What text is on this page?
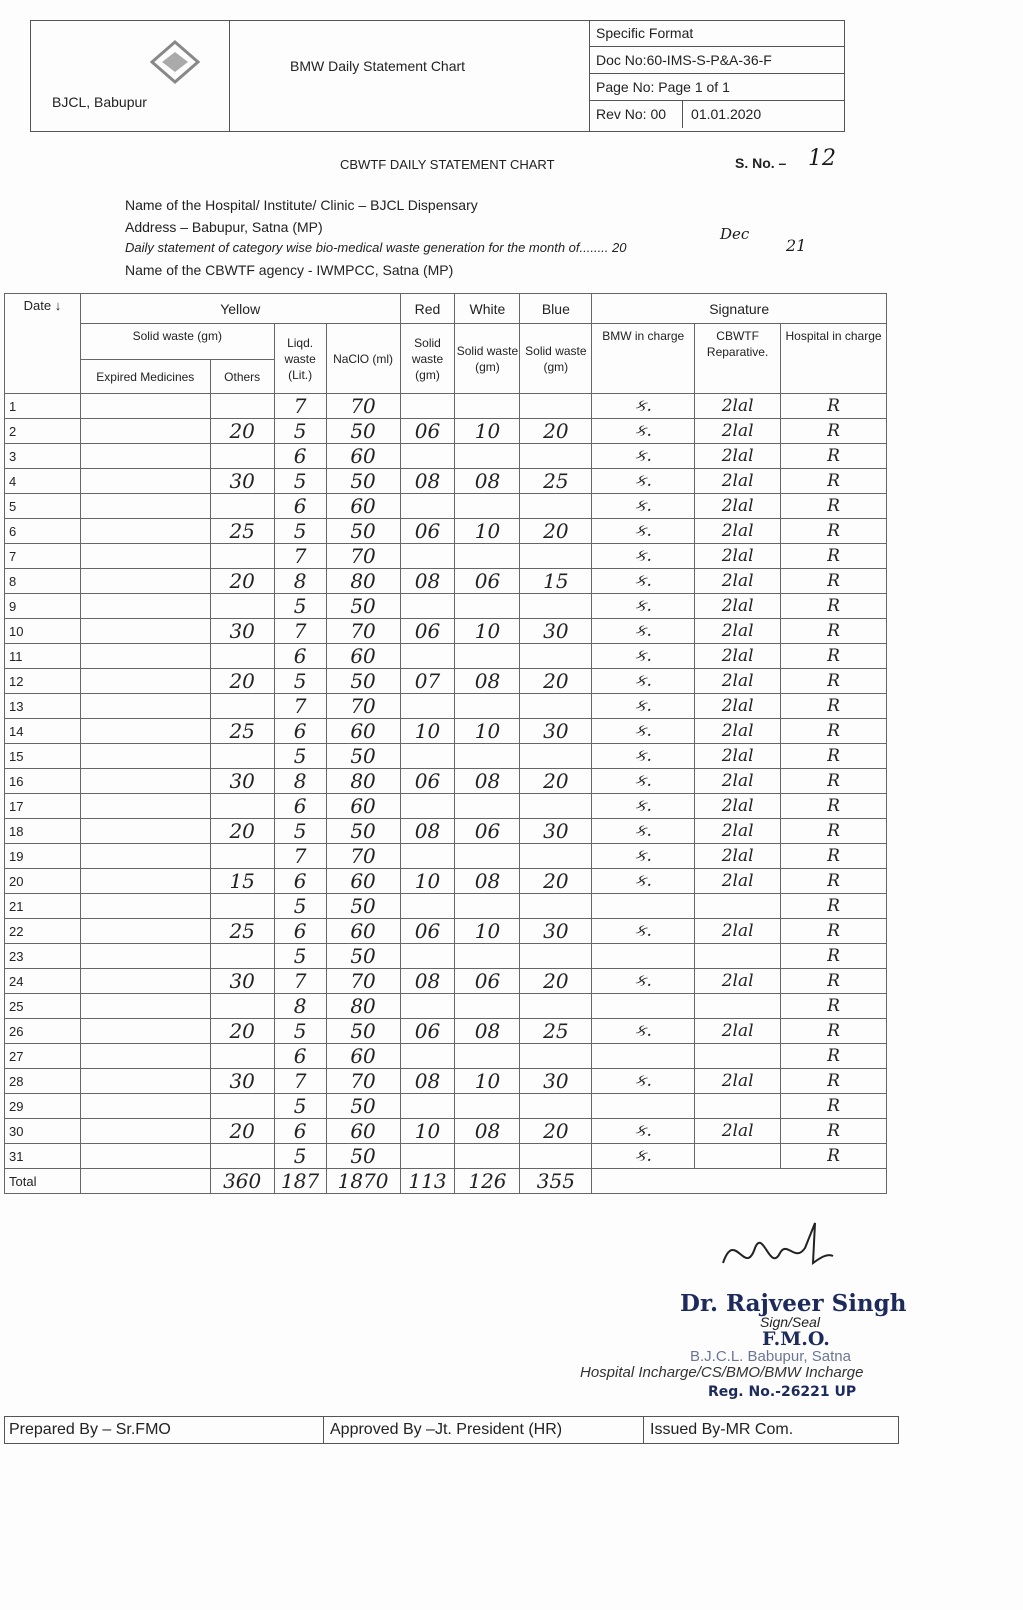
BJCL, Babupur
BMW Daily Statement Chart
Specific Format
Doc No:60-IMS-S-P&A-36-F
Page No: Page 1 of 1
Rev No: 00 01.01.2020
CBWTF DAILY STATEMENT CHART	S. No. – 12
Name of the Hospital/ Institute/ Clinic – BJCL Dispensary
Address – Babupur, Satna (MP)
Daily statement of category wise bio-medical waste generation for the month of........ 20
Dec
21
Name of the CBWTF agency - IWMPCC, Satna (MP)
Date ↓	Yellow				Red	White	Blue	Signature		
	Solid waste (gm)		Liqd. waste (Lit.)	NaClO (ml)	Solid waste (gm)	Solid waste (gm)	Solid waste (gm)	BMW in charge	CBWTF Reparative.	Hospital in charge
	Expired Medicines	Others								
1			7	70				ક.	2lal	R
2		20	5	50	06	10	20	ક.	2lal	R
3			6	60				ક.	2lal	R
4		30	5	50	08	08	25	ક.	2lal	R
5			6	60				ક.	2lal	R
6		25	5	50	06	10	20	ક.	2lal	R
7			7	70				ક.	2lal	R
8		20	8	80	08	06	15	ક.	2lal	R
9			5	50				ક.	2lal	R
10		30	7	70	06	10	30	ક.	2lal	R
11			6	60				ક.	2lal	R
12		20	5	50	07	08	20	ક.	2lal	R
13			7	70				ક.	2lal	R
14		25	6	60	10	10	30	ક.	2lal	R
15			5	50				ક.	2lal	R
16		30	8	80	06	08	20	ક.	2lal	R
17			6	60				ક.	2lal	R
18		20	5	50	08	06	30	ક.	2lal	R
19			7	70				ક.	2lal	R
20		15	6	60	10	08	20	ક.	2lal	R
21			5	50						R
22		25	6	60	06	10	30	ક.	2lal	R
23			5	50						R
24		30	7	70	08	06	20	ક.	2lal	R
25			8	80						R
26		20	5	50	06	08	25	ક.	2lal	R
27			6	60						R
28		30	7	70	08	10	30	ક.	2lal	R
29			5	50						R
30		20	6	60	10	08	20	ક.	2lal	R
31			5	50				ક.		R
Total		360	187	1870	113	126	355			
Dr. Rajveer Singh
Sign/Seal
F.M.O.
B.J.C.L. Babupur, Satna
Hospital Incharge/CS/BMO/BMW Incharge
Reg. No.-26221 UP
Prepared By – Sr.FMO	Approved By –Jt. President (HR)	Issued By-MR Com.
